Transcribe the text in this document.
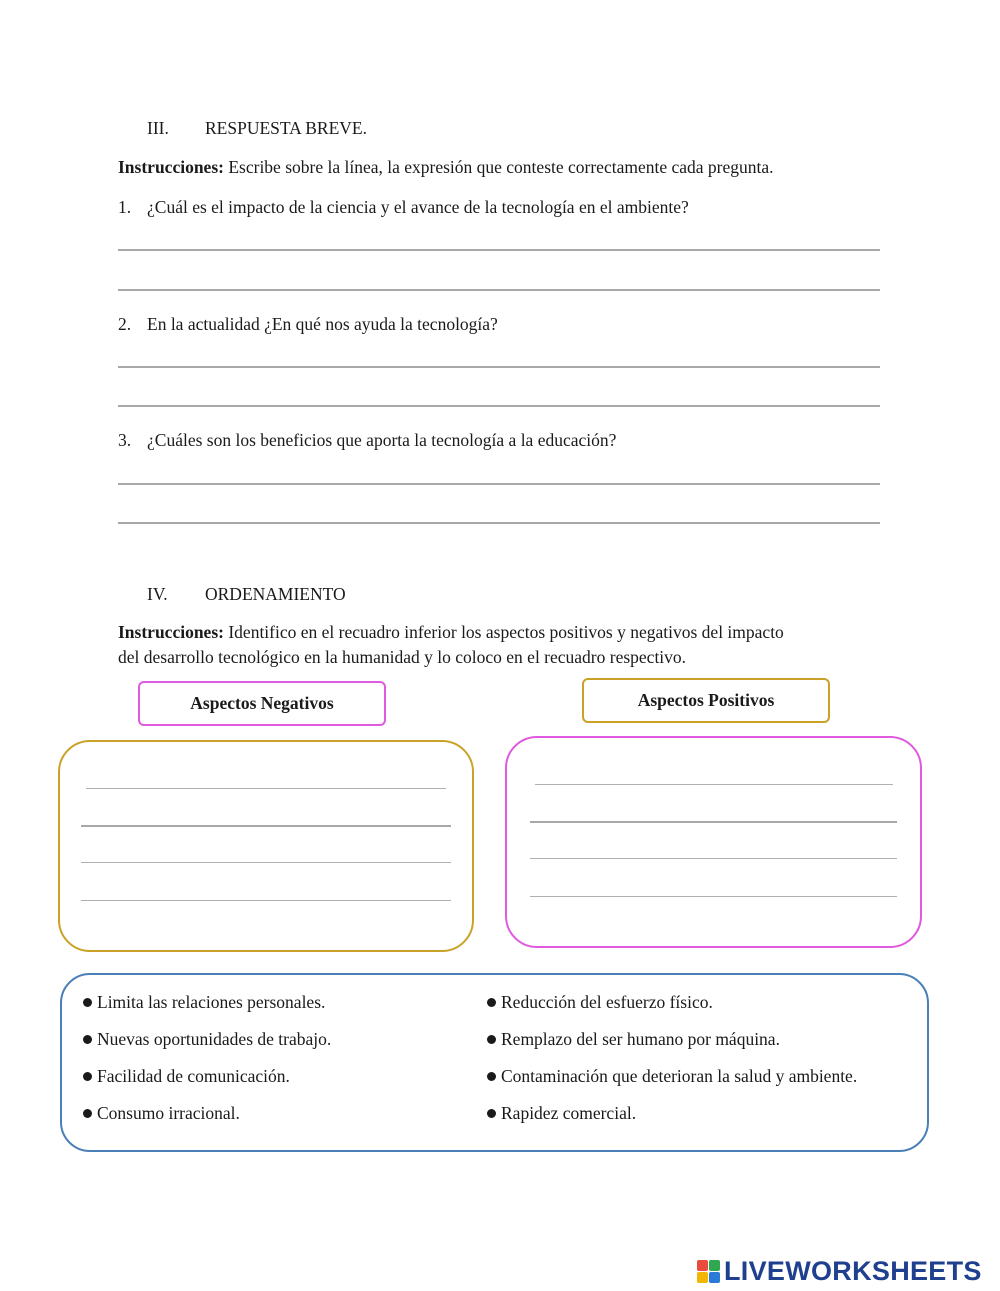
III. RESPUESTA BREVE.
Instrucciones: Escribe sobre la línea, la expresión que conteste correctamente cada pregunta.
1. ¿Cuál es el impacto de la ciencia y el avance de la tecnología en el ambiente?
2. En la actualidad ¿En qué nos ayuda la tecnología?
3. ¿Cuáles son los beneficios que aporta la tecnología a la educación?
IV. ORDENAMIENTO
Instrucciones: Identifico en el recuadro inferior los aspectos positivos y negativos del impacto
del desarrollo tecnológico en la humanidad y lo coloco en el recuadro respectivo.
Aspectos Negativos	Aspectos Positivos
Limita las relaciones personales.
Nuevas oportunidades de trabajo.
Facilidad de comunicación.
Consumo irracional.
Reducción del esfuerzo físico.
Remplazo del ser humano por máquina.
Contaminación que deterioran la salud y ambiente.
Rapidez comercial.
LIVEWORKSHEETS
